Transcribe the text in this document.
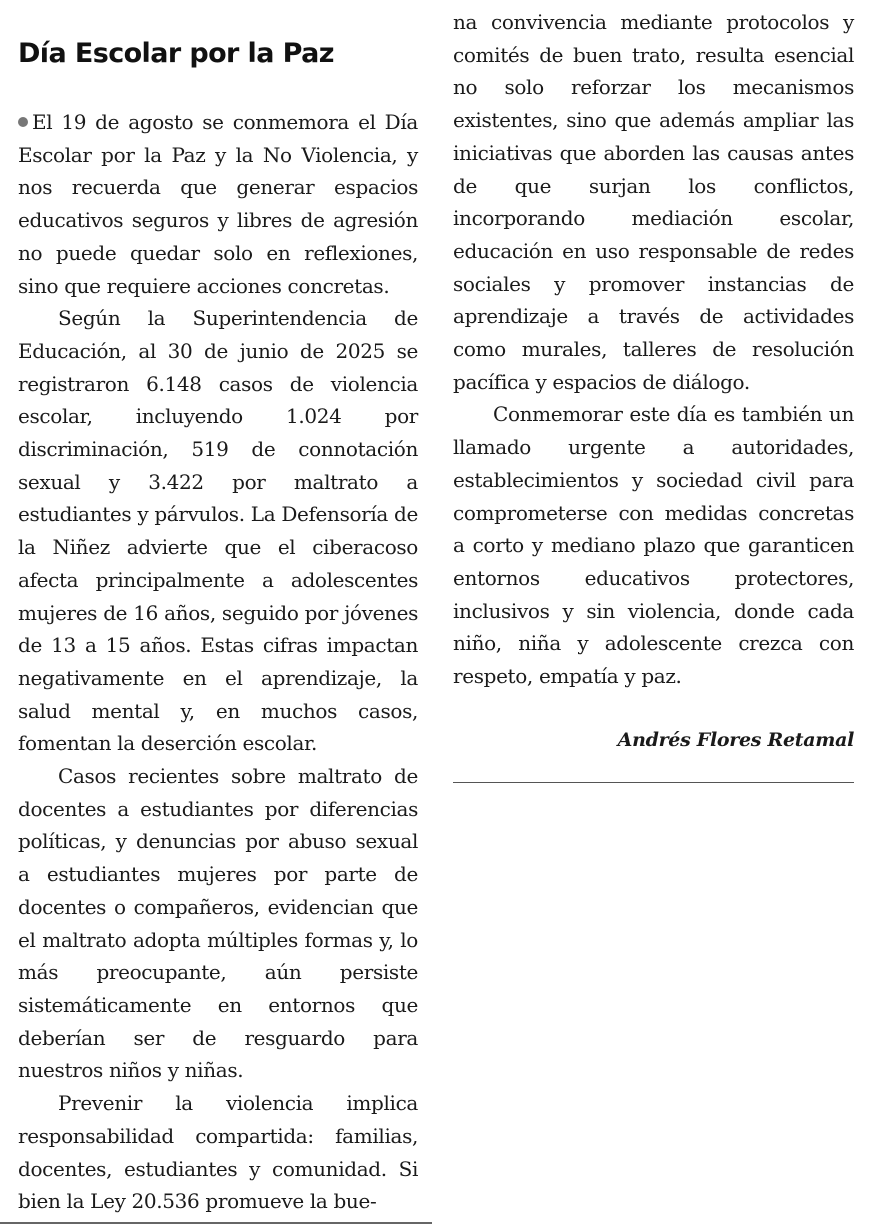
Día Escolar por la Paz

El 19 de agosto se conmemora el Día Escolar por la Paz y la No Violencia, y nos recuerda que generar espacios educativos seguros y libres de agresión no puede quedar solo en reflexiones, sino que requiere acciones concretas.

Según la Superintendencia de Educación, al 30 de junio de 2025 se registraron 6.148 casos de violencia escolar, incluyendo 1.024 por discriminación, 519 de connotación sexual y 3.422 por maltrato a estudiantes y párvulos. La Defensoría de la Niñez advierte que el ciberacoso afecta principalmente a adolescentes mujeres de 16 años, seguido por jóvenes de 13 a 15 años. Estas cifras impactan negativamente en el aprendizaje, la salud mental y, en muchos casos, fomentan la deserción escolar.

Casos recientes sobre maltrato de docentes a estudiantes por diferencias políticas, y denuncias por abuso sexual a estudiantes mujeres por parte de docentes o compañeros, evidencian que el maltrato adopta múltiples formas y, lo más preocupante, aún persiste sistemáticamente en entornos que deberían ser de resguardo para nuestros niños y niñas.

Prevenir la violencia implica responsabilidad compartida: familias, docentes, estudiantes y comunidad. Si bien la Ley 20.536 promueve la bue-

na convivencia mediante protocolos y comités de buen trato, resulta esencial no solo reforzar los mecanismos existentes, sino que además ampliar las iniciativas que aborden las causas antes de que surjan los conflictos, incorporando mediación escolar, educación en uso responsable de redes sociales y promover instancias de aprendizaje a través de actividades como murales, talleres de resolución pacífica y espacios de diálogo.

Conmemorar este día es también un llamado urgente a autoridades, establecimientos y sociedad civil para comprometerse con medidas concretas a corto y mediano plazo que garanticen entornos educativos protectores, inclusivos y sin violencia, donde cada niño, niña y adolescente crezca con respeto, empatía y paz.

Andrés Flores Retamal
